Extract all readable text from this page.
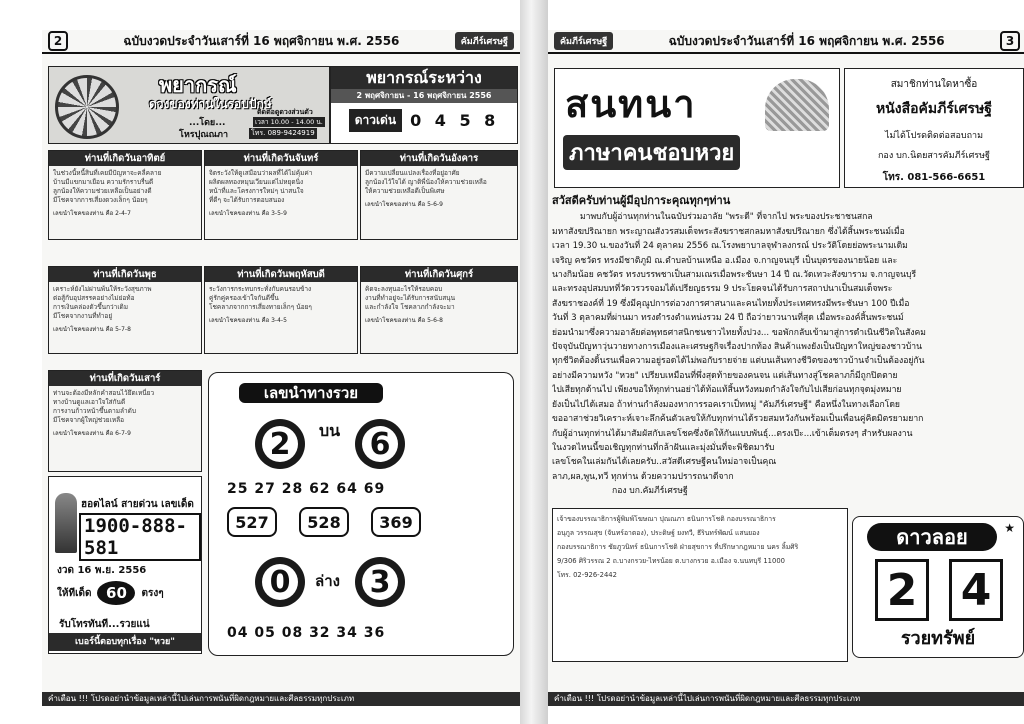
2	ฉบับงวดประจำวันเสาร์ที่ 16 พฤศจิกายน พ.ศ. 2556	คัมภีร์เศรษฐี
พยากรณ์
ดวงของท่านในรอบปักษ์
...โดย...
โหรปุณณภา
ติดต่อดูดวงส่วนตัว
เวลา 10.00 - 14.00 น.
โทร. 089-9424919
พยากรณ์ระหว่าง
2 พฤศจิกายน - 16 พฤศจิกายน 2556
ดาวเด่น 0 4 5 8
ท่านที่เกิดวันอาทิตย์
ในช่วงนี้หนี้สินที่เคยมีปัญหาจะคลี่คลาย
บ้านมีแขกมาเยือน ความรักราบรื่นดี
ลูกน้องให้ความช่วยเหลือเป็นอย่างดี
มีโชคจากการเสี่ยงดวงเล็กๆ น้อยๆ
เลขนำโชคของท่าน คือ 2-4-7
ท่านที่เกิดวันจันทร์
จิตระวังให้ดูเสมือนว่าผลที่ได้ไม่คุ้มค่า
ผลิตผลทองหมุนเวียนแต่ไม่หยุดนิ่ง
หน้าที่และโครงการใหม่ๆ น่าสนใจ
ที่ดีๆ จะได้รับการตอบสนอง
เลขนำโชคของท่าน คือ 3-5-9
ท่านที่เกิดวันอังคาร
มีความเปลี่ยนแปลงเรื่องที่อยู่อาศัย
ลูกน้องไว้ใจได้ ญาติพี่น้องให้ความช่วยเหลือ
ให้ความช่วยเหลือดีเป็นพิเศษ
เลขนำโชคของท่าน คือ 5-6-9
ท่านที่เกิดวันพุธ
เคราะห์ยังไม่ผ่านพ้นให้ระวังสุขภาพ
ต่อสู้กับอุปสรรคอย่างไม่ย่อท้อ
การเงินคล่องตัวขึ้นกว่าเดิม
มีโชคจากงานที่ทำอยู่
เลขนำโชคของท่าน คือ 5-7-8
ท่านที่เกิดวันพฤหัสบดี
ระวังการกระทบกระทั่งกับคนรอบข้าง
คู่รักคู่ครองเข้าใจกันดีขึ้น
โชคลาภจากการเสี่ยงทายเล็กๆ น้อยๆ
เลขนำโชคของท่าน คือ 3-4-5
ท่านที่เกิดวันศุกร์
คิดจะลงทุนอะไรให้รอบคอบ
งานที่ทำอยู่จะได้รับการสนับสนุน
และกำลังใจ โชคลาภกำลังจะมา
เลขนำโชคของท่าน คือ 5-6-8
ท่านที่เกิดวันเสาร์
ท่านจะต้องมีหลักคำสอนไว้ยึดเหนี่ยว
ทางบ้านดูแลเอาใจใส่กันดี
การงานก้าวหน้าขึ้นตามลำดับ
มีโชคจากผู้ใหญ่ช่วยเหลือ
เลขนำโชคของท่าน คือ 6-7-9
ฮอตไลน์ สายด่วน เลขเด็ด
1900-888-581
งวด 16 พ.ย. 2556
ให้ทีเด็ด 60	ตรงๆ
รับโทรทันที...รวยแน่
เบอร์นี้ตอบทุกเรื่อง "หวย"
เลขนำทางรวย
2	บน 6
25 27 28 62 64 69
527	528	369
0	ล่าง 3
04 05 08 32 34 36
คำเตือน !!! โปรดอย่านำข้อมูลเหล่านี้ไปเล่นการพนันที่ผิดกฎหมายและศีลธรรมทุกประเภท
คัมภีร์เศรษฐี	ฉบับงวดประจำวันเสาร์ที่ 16 พฤศจิกายน พ.ศ. 2556	3
สนทนา
ภาษาคนชอบหวย
สมาชิกท่านใดหาซื้อ
หนังสือคัมภีร์เศรษฐี
ไม่ได้โปรดติดต่อสอบถาม
กอง บก.นิตยสารคัมภีร์เศรษฐี
โทร. 081-566-6651
สวัสดีครับท่านผู้มีอุปการะคุณทุกๆท่าน
มาพบกับผู้อ่านทุกท่านในฉบับร่วมอาลัย "พระดี" ที่จากไป พระของประชาชนสกล
มหาสังฆปริณายก พระญาณสังวรสมเด็จพระสังฆราชสกลมหาสังฆปริณายก ซึ่งได้สิ้นพระชนม์เมื่อ
เวลา 19.30 น.ของวันที่ 24 ตุลาคม 2556 ณ.โรงพยาบาลจุฬาลงกรณ์ ประวัติโดยย่อพระนามเดิม
เจริญ คชวัตร ทรงมีชาติภูมิ ณ.ตำบลบ้านเหนือ อ.เมือง จ.กาญจนบุรี เป็นบุตรของนายน้อย และ
นางกิมน้อย คชวัตร ทรงบรรพชาเป็นสามเณรเมื่อพระชันษา 14 ปี ณ.วัดเทวะสังฆาราม จ.กาญจนบุรี
และทรงอุปสมบทที่วัดวรวรจอมได้เปรียญธรรม 9 ประโยคจนได้รับการสถาปนาเป็นสมเด็จพระ
สังฆราชองค์ที่ 19 ซึ่งมีคุณูปการต่อวงการศาสนาและคนไทยทั้งประเทศทรงมีพระชันษา 100 ปีเมื่อ
วันที่ 3 ตุลาคมที่ผ่านมา ทรงดำรงตำแหน่งรวม 24 ปี ถือว่ายาวนานที่สุด เมื่อพระองค์สิ้นพระชนม์
ย่อมนำมาซึ่งความอาลัยต่อพุทธศาสนิกชนชาวไทยทั้งปวง... ขอพักกลับเข้ามาสู่การดำเนินชีวิตในสังคม
ปัจจุบันปัญหาวุ่นวายทางการเมืองและเศรษฐกิจเรื่องปากท้อง สินค้าแพงยังเป็นปัญหาใหญ่ของชาวบ้าน
ทุกชีวิตต้องดิ้นรนเพื่อความอยู่รอดได้ไม่พอกับรายจ่าย แต่บนเส้นทางชีวิตของชาวบ้านจำเป็นต้องอยู่กัน
อย่างมีความหวัง "หวย" เปรียบเหมือนที่พึ่งสุดท้ายของคนจน แต่เส้นทางสู่โชคลาภก็มีถูกปิดตาย
ไปเสียทุกด้านไป เพียงขอให้ทุกท่านอย่าได้ท้อแท้สิ้นหวังหมดกำลังใจกับไปเสียก่อนทุกจุดมุ่งหมาย
ยังเป็นไปได้เสมอ ถ้าท่านกำลังมองหาการรอคเราเป็ทหมู่ "คัมภีร์เศรษฐี" คือหนึ่งในทางเลือกโดย
ขออาสาช่วยวิเคราะห์เจาะลึกค้นตัวเลขให้กับทุกท่านได้รวยสมหวังกันพร้อมเป็นเพื่อนคู่คิดมิตรยามยาก
กับผู้อ่านทุกท่านได้มาสัมผัสกับเลขโชคซึ่งจัดให้กันแบบพันธุ์...ตรงเป๊ะ...เข้าเต็มตรงๆ สำหรับผลงาน
ในงวดไหนนี้ขอเชิญทุกท่านที่กล้าฝันและมุ่งมั่นที่จะพิชิตมารับ
เลขโชคในเล่มกันได้เลยครับ..สวัสดีเศรษฐีคนใหม่อาจเป็นคุณ
ลาภ,ผล,พูน,ทวี ทุกท่าน ด้วยความปรารถนาดีจาก
กอง บก.คัมภีร์เศรษฐี
เจ้าของบรรณาธิการผู้พิมพ์โฆษณา ปุณณภา ธนินการโชติ กองบรรณาธิการ
อนุกูล วรรณสุข (จันทร์อาตอง), ประดิษฐ์ ยงทวี, ธีรินทร์พัฒน์ แสนยอง
กองบรรณาธิการ ชัยภูวนิทร์ ธนินการโชติ ฝ่ายสุขการ ที่ปรึกษากฎหมาย นคร ลิ้มศิริ
9/306 ศิริวรรณ 2 ถ.บางกรวย-ไทรน้อย ต.บางกรวย อ.เมือง จ.นนทบุรี 11000
โทร. 02-926-2442
ดาวลอย	★
2 4
รวยทรัพย์
คำเตือน !!! โปรดอย่านำข้อมูลเหล่านี้ไปเล่นการพนันที่ผิดกฎหมายและศีลธรรมทุกประเภท
